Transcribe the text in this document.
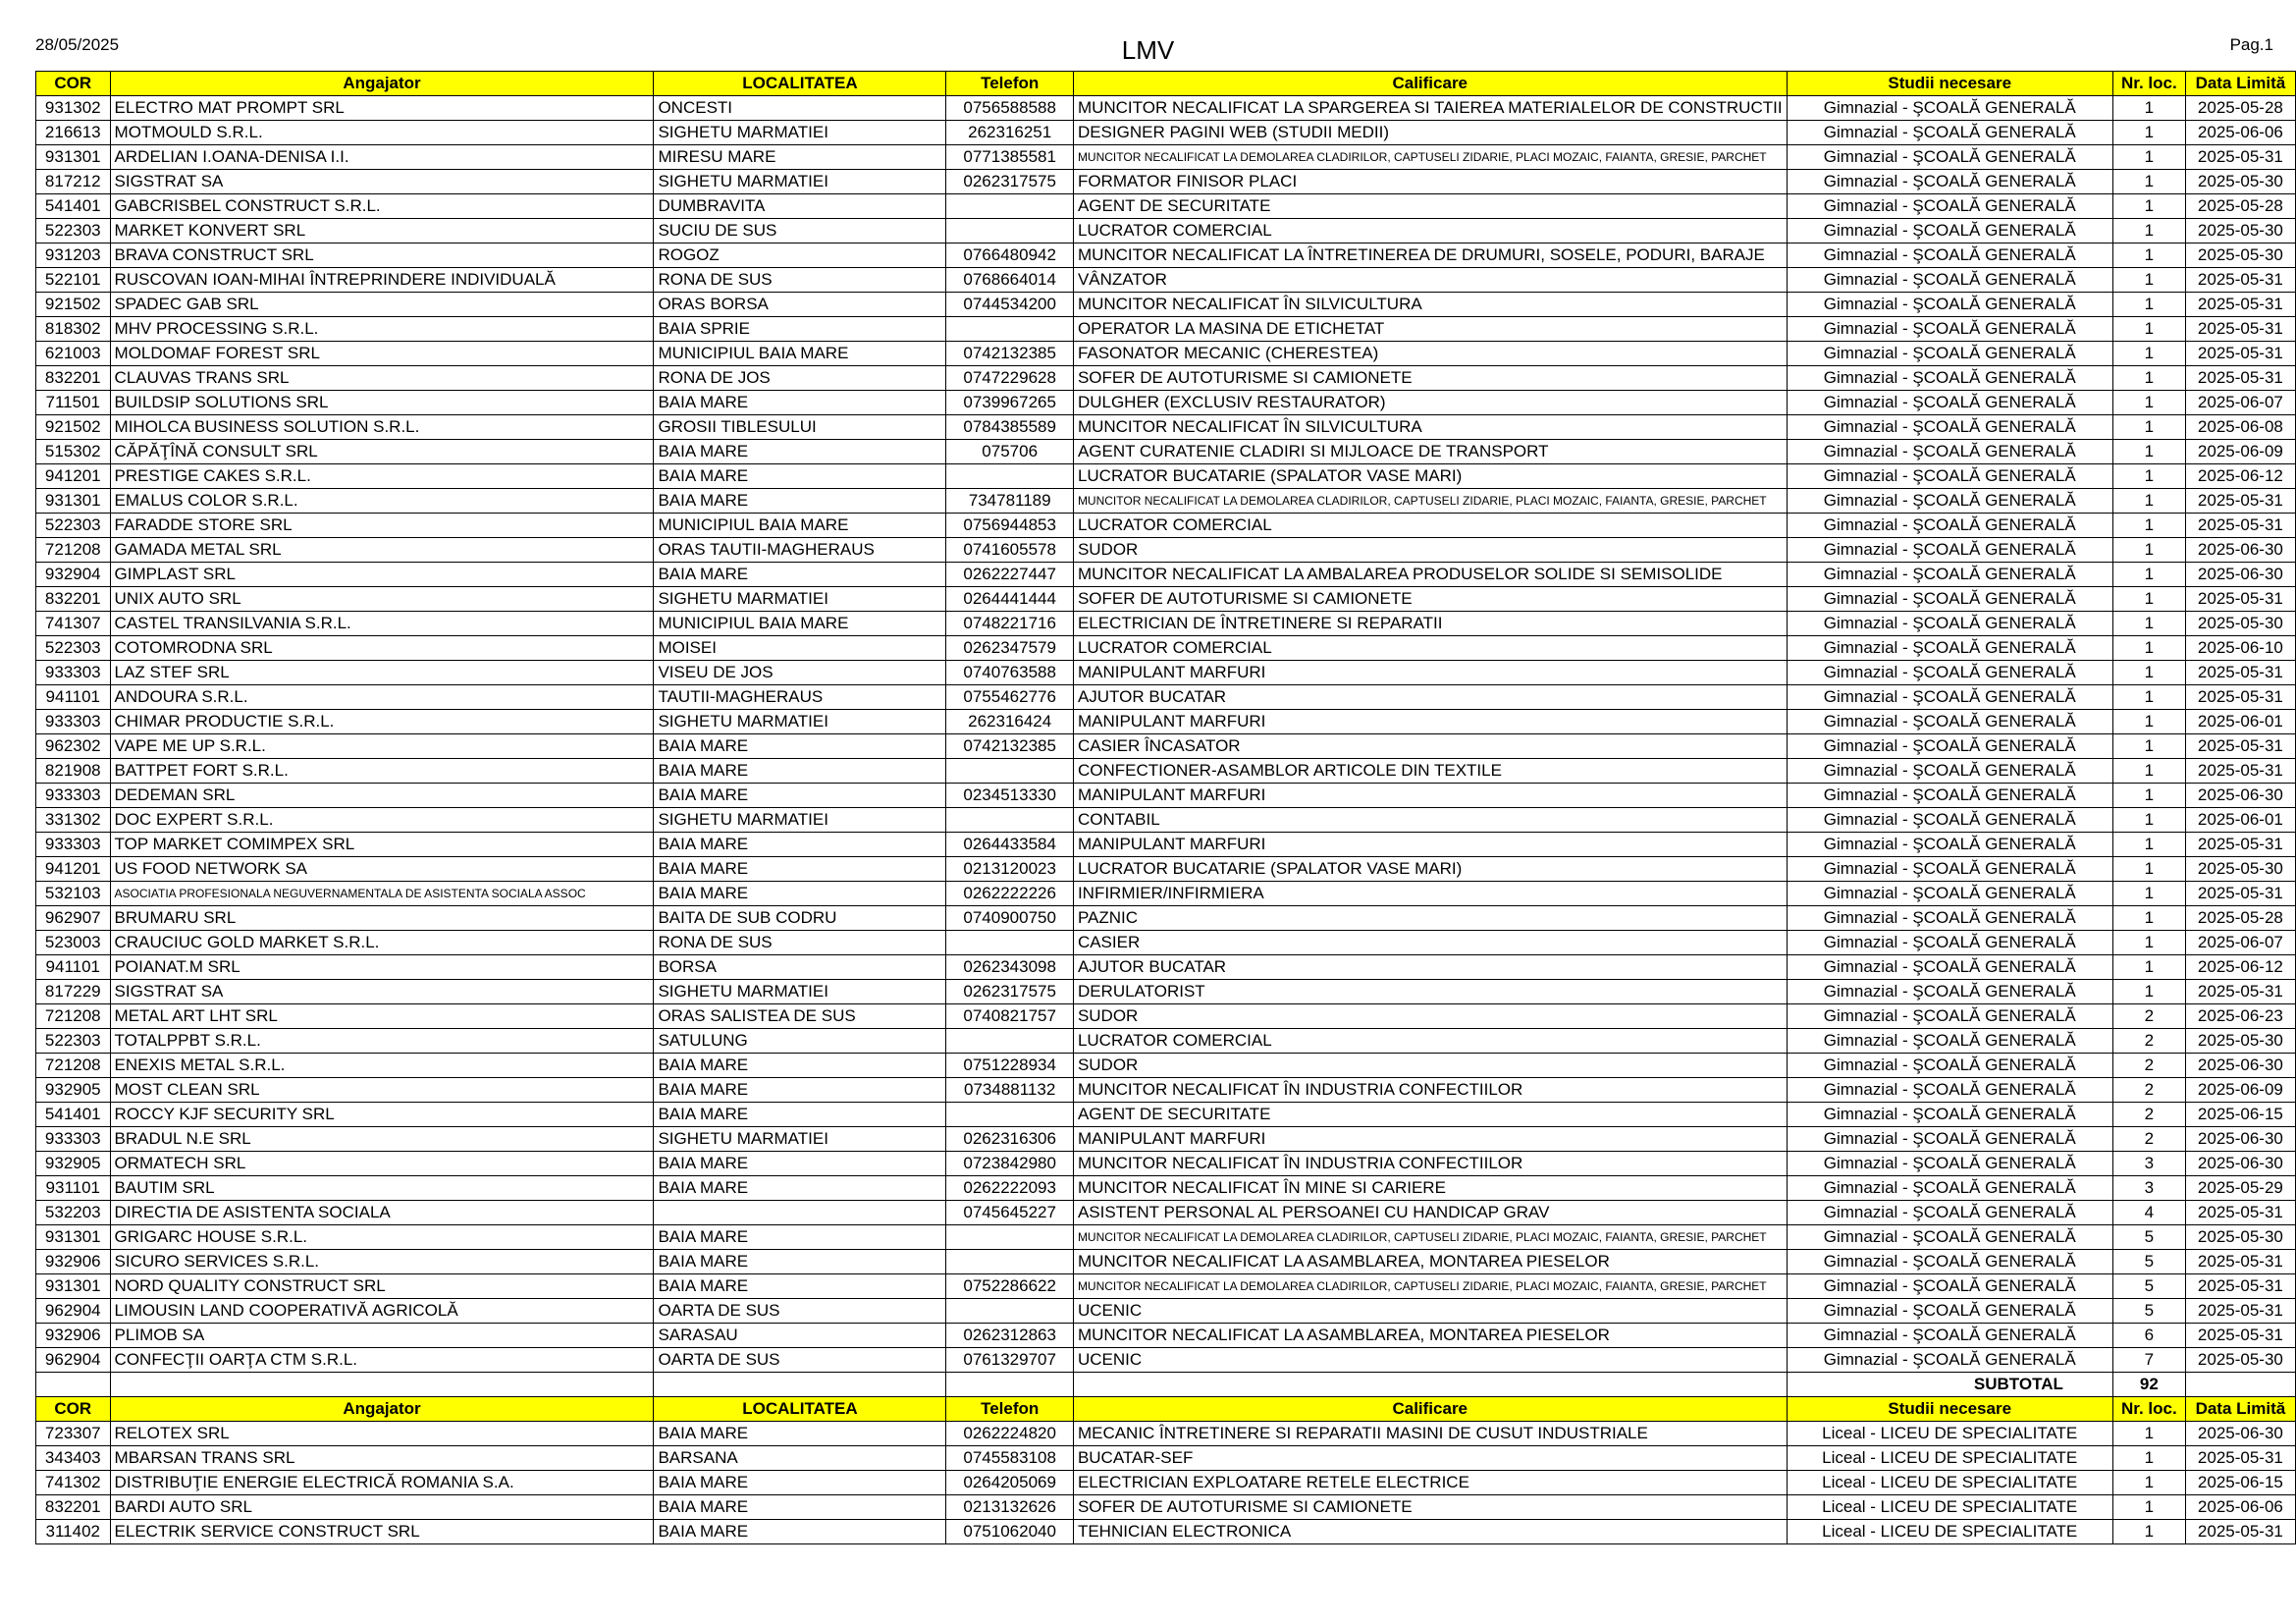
28/05/2025	LMV	Pag.1
COR	Angajator	LOCALITATEA	Telefon	Calificare	Studii necesare	Nr. loc.	Data Limită
931302	ELECTRO MAT PROMPT SRL	ONCESTI	0756588588	MUNCITOR NECALIFICAT LA SPARGEREA SI TAIEREA MATERIALELOR DE CONSTRUCTII	Gimnazial - ŞCOALĂ GENERALĂ	1	2025-05-28
216613	MOTMOULD S.R.L.	SIGHETU MARMATIEI	262316251	DESIGNER PAGINI WEB (STUDII MEDII)	Gimnazial - ŞCOALĂ GENERALĂ	1	2025-06-06
931301	ARDELIAN I.OANA-DENISA I.I.	MIRESU MARE	0771385581	MUNCITOR NECALIFICAT LA DEMOLAREA CLADIRILOR, CAPTUSELI ZIDARIE, PLACI MOZAIC, FAIANTA, GRESIE, PARCHET	Gimnazial - ŞCOALĂ GENERALĂ	1	2025-05-31
817212	SIGSTRAT SA	SIGHETU MARMATIEI	0262317575	FORMATOR FINISOR PLACI	Gimnazial - ŞCOALĂ GENERALĂ	1	2025-05-30
541401	GABCRISBEL CONSTRUCT S.R.L.	DUMBRAVITA		AGENT DE SECURITATE	Gimnazial - ŞCOALĂ GENERALĂ	1	2025-05-28
522303	MARKET KONVERT SRL	SUCIU DE SUS		LUCRATOR COMERCIAL	Gimnazial - ŞCOALĂ GENERALĂ	1	2025-05-30
931203	BRAVA CONSTRUCT SRL	ROGOZ	0766480942	MUNCITOR NECALIFICAT LA ÎNTRETINEREA DE DRUMURI, SOSELE, PODURI, BARAJE	Gimnazial - ŞCOALĂ GENERALĂ	1	2025-05-30
522101	RUSCOVAN IOAN-MIHAI ÎNTREPRINDERE INDIVIDUALĂ	RONA DE SUS	0768664014	VÂNZATOR	Gimnazial - ŞCOALĂ GENERALĂ	1	2025-05-31
921502	SPADEC GAB SRL	ORAS BORSA	0744534200	MUNCITOR NECALIFICAT ÎN SILVICULTURA	Gimnazial - ŞCOALĂ GENERALĂ	1	2025-05-31
818302	MHV PROCESSING S.R.L.	BAIA SPRIE		OPERATOR LA MASINA DE ETICHETAT	Gimnazial - ŞCOALĂ GENERALĂ	1	2025-05-31
621003	MOLDOMAF FOREST SRL	MUNICIPIUL BAIA MARE	0742132385	FASONATOR MECANIC (CHERESTEA)	Gimnazial - ŞCOALĂ GENERALĂ	1	2025-05-31
832201	CLAUVAS TRANS SRL	RONA DE JOS	0747229628	SOFER DE AUTOTURISME SI CAMIONETE	Gimnazial - ŞCOALĂ GENERALĂ	1	2025-05-31
711501	BUILDSIP SOLUTIONS SRL	BAIA MARE	0739967265	DULGHER (EXCLUSIV RESTAURATOR)	Gimnazial - ŞCOALĂ GENERALĂ	1	2025-06-07
921502	MIHOLCA BUSINESS SOLUTION S.R.L.	GROSII TIBLESULUI	0784385589	MUNCITOR NECALIFICAT ÎN SILVICULTURA	Gimnazial - ŞCOALĂ GENERALĂ	1	2025-06-08
515302	CĂPĂŢÎNĂ CONSULT SRL	BAIA MARE	075706	AGENT CURATENIE CLADIRI SI MIJLOACE DE TRANSPORT	Gimnazial - ŞCOALĂ GENERALĂ	1	2025-06-09
941201	PRESTIGE CAKES S.R.L.	BAIA MARE		LUCRATOR BUCATARIE (SPALATOR VASE MARI)	Gimnazial - ŞCOALĂ GENERALĂ	1	2025-06-12
931301	EMALUS COLOR S.R.L.	BAIA MARE	734781189	MUNCITOR NECALIFICAT LA DEMOLAREA CLADIRILOR, CAPTUSELI ZIDARIE, PLACI MOZAIC, FAIANTA, GRESIE, PARCHET	Gimnazial - ŞCOALĂ GENERALĂ	1	2025-05-31
522303	FARADDE STORE SRL	MUNICIPIUL BAIA MARE	0756944853	LUCRATOR COMERCIAL	Gimnazial - ŞCOALĂ GENERALĂ	1	2025-05-31
721208	GAMADA METAL SRL	ORAS TAUTII-MAGHERAUS	0741605578	SUDOR	Gimnazial - ŞCOALĂ GENERALĂ	1	2025-06-30
932904	GIMPLAST SRL	BAIA MARE	0262227447	MUNCITOR NECALIFICAT LA AMBALAREA PRODUSELOR SOLIDE SI SEMISOLIDE	Gimnazial - ŞCOALĂ GENERALĂ	1	2025-06-30
832201	UNIX AUTO SRL	SIGHETU MARMATIEI	0264441444	SOFER DE AUTOTURISME SI CAMIONETE	Gimnazial - ŞCOALĂ GENERALĂ	1	2025-05-31
741307	CASTEL TRANSILVANIA S.R.L.	MUNICIPIUL BAIA MARE	0748221716	ELECTRICIAN DE ÎNTRETINERE SI REPARATII	Gimnazial - ŞCOALĂ GENERALĂ	1	2025-05-30
522303	COTOMRODNA SRL	MOISEI	0262347579	LUCRATOR COMERCIAL	Gimnazial - ŞCOALĂ GENERALĂ	1	2025-06-10
933303	LAZ STEF SRL	VISEU DE JOS	0740763588	MANIPULANT MARFURI	Gimnazial - ŞCOALĂ GENERALĂ	1	2025-05-31
941101	ANDOURA S.R.L.	TAUTII-MAGHERAUS	0755462776	AJUTOR BUCATAR	Gimnazial - ŞCOALĂ GENERALĂ	1	2025-05-31
933303	CHIMAR PRODUCTIE S.R.L.	SIGHETU MARMATIEI	262316424	MANIPULANT MARFURI	Gimnazial - ŞCOALĂ GENERALĂ	1	2025-06-01
962302	VAPE ME UP S.R.L.	BAIA MARE	0742132385	CASIER ÎNCASATOR	Gimnazial - ŞCOALĂ GENERALĂ	1	2025-05-31
821908	BATTPET FORT S.R.L.	BAIA MARE		CONFECTIONER-ASAMBLOR ARTICOLE DIN TEXTILE	Gimnazial - ŞCOALĂ GENERALĂ	1	2025-05-31
933303	DEDEMAN SRL	BAIA MARE	0234513330	MANIPULANT MARFURI	Gimnazial - ŞCOALĂ GENERALĂ	1	2025-06-30
331302	DOC EXPERT S.R.L.	SIGHETU MARMATIEI		CONTABIL	Gimnazial - ŞCOALĂ GENERALĂ	1	2025-06-01
933303	TOP MARKET COMIMPEX SRL	BAIA MARE	0264433584	MANIPULANT MARFURI	Gimnazial - ŞCOALĂ GENERALĂ	1	2025-05-31
941201	US FOOD NETWORK SA	BAIA MARE	0213120023	LUCRATOR BUCATARIE (SPALATOR VASE MARI)	Gimnazial - ŞCOALĂ GENERALĂ	1	2025-05-30
532103	ASOCIATIA PROFESIONALA NEGUVERNAMENTALA DE ASISTENTA SOCIALA ASSOC	BAIA MARE	0262222226	INFIRMIER/INFIRMIERA	Gimnazial - ŞCOALĂ GENERALĂ	1	2025-05-31
962907	BRUMARU SRL	BAITA DE SUB CODRU	0740900750	PAZNIC	Gimnazial - ŞCOALĂ GENERALĂ	1	2025-05-28
523003	CRAUCIUC GOLD MARKET S.R.L.	RONA DE SUS		CASIER	Gimnazial - ŞCOALĂ GENERALĂ	1	2025-06-07
941101	POIANAT.M SRL	BORSA	0262343098	AJUTOR BUCATAR	Gimnazial - ŞCOALĂ GENERALĂ	1	2025-06-12
817229	SIGSTRAT SA	SIGHETU MARMATIEI	0262317575	DERULATORIST	Gimnazial - ŞCOALĂ GENERALĂ	1	2025-05-31
721208	METAL ART LHT SRL	ORAS SALISTEA DE SUS	0740821757	SUDOR	Gimnazial - ŞCOALĂ GENERALĂ	2	2025-06-23
522303	TOTALPPBT S.R.L.	SATULUNG		LUCRATOR COMERCIAL	Gimnazial - ŞCOALĂ GENERALĂ	2	2025-05-30
721208	ENEXIS METAL S.R.L.	BAIA MARE	0751228934	SUDOR	Gimnazial - ŞCOALĂ GENERALĂ	2	2025-06-30
932905	MOST CLEAN SRL	BAIA MARE	0734881132	MUNCITOR NECALIFICAT ÎN INDUSTRIA CONFECTIILOR	Gimnazial - ŞCOALĂ GENERALĂ	2	2025-06-09
541401	ROCCY KJF SECURITY SRL	BAIA MARE		AGENT DE SECURITATE	Gimnazial - ŞCOALĂ GENERALĂ	2	2025-06-15
933303	BRADUL N.E SRL	SIGHETU MARMATIEI	0262316306	MANIPULANT MARFURI	Gimnazial - ŞCOALĂ GENERALĂ	2	2025-06-30
932905	ORMATECH SRL	BAIA MARE	0723842980	MUNCITOR NECALIFICAT ÎN INDUSTRIA CONFECTIILOR	Gimnazial - ŞCOALĂ GENERALĂ	3	2025-06-30
931101	BAUTIM SRL	BAIA MARE	0262222093	MUNCITOR NECALIFICAT ÎN MINE SI CARIERE	Gimnazial - ŞCOALĂ GENERALĂ	3	2025-05-29
532203	DIRECTIA DE ASISTENTA SOCIALA		0745645227	ASISTENT PERSONAL AL PERSOANEI CU HANDICAP GRAV	Gimnazial - ŞCOALĂ GENERALĂ	4	2025-05-31
931301	GRIGARC HOUSE S.R.L.	BAIA MARE		MUNCITOR NECALIFICAT LA DEMOLAREA CLADIRILOR, CAPTUSELI ZIDARIE, PLACI MOZAIC, FAIANTA, GRESIE, PARCHET	Gimnazial - ŞCOALĂ GENERALĂ	5	2025-05-30
932906	SICURO SERVICES S.R.L.	BAIA MARE		MUNCITOR NECALIFICAT LA ASAMBLAREA, MONTAREA PIESELOR	Gimnazial - ŞCOALĂ GENERALĂ	5	2025-05-31
931301	NORD QUALITY CONSTRUCT SRL	BAIA MARE	0752286622	MUNCITOR NECALIFICAT LA DEMOLAREA CLADIRILOR, CAPTUSELI ZIDARIE, PLACI MOZAIC, FAIANTA, GRESIE, PARCHET	Gimnazial - ŞCOALĂ GENERALĂ	5	2025-05-31
962904	LIMOUSIN LAND COOPERATIVĂ AGRICOLĂ	OARTA DE SUS		UCENIC	Gimnazial - ŞCOALĂ GENERALĂ	5	2025-05-31
932906	PLIMOB SA	SARASAU	0262312863	MUNCITOR NECALIFICAT LA ASAMBLAREA, MONTAREA PIESELOR	Gimnazial - ŞCOALĂ GENERALĂ	6	2025-05-31
962904	CONFECŢII OARŢA CTM S.R.L.	OARTA DE SUS	0761329707	UCENIC	Gimnazial - ŞCOALĂ GENERALĂ	7	2025-05-30
					SUBTOTAL	92	
COR	Angajator	LOCALITATEA	Telefon	Calificare	Studii necesare	Nr. loc.	Data Limită
723307	RELOTEX SRL	BAIA MARE	0262224820	MECANIC ÎNTRETINERE SI REPARATII MASINI DE CUSUT INDUSTRIALE	Liceal - LICEU DE SPECIALITATE	1	2025-06-30
343403	MBARSAN TRANS SRL	BARSANA	0745583108	BUCATAR-SEF	Liceal - LICEU DE SPECIALITATE	1	2025-05-31
741302	DISTRIBUŢIE ENERGIE ELECTRICĂ ROMANIA S.A.	BAIA MARE	0264205069	ELECTRICIAN EXPLOATARE RETELE ELECTRICE	Liceal - LICEU DE SPECIALITATE	1	2025-06-15
832201	BARDI AUTO SRL	BAIA MARE	0213132626	SOFER DE AUTOTURISME SI CAMIONETE	Liceal - LICEU DE SPECIALITATE	1	2025-06-06
311402	ELECTRIK SERVICE CONSTRUCT SRL	BAIA MARE	0751062040	TEHNICIAN ELECTRONICA	Liceal - LICEU DE SPECIALITATE	1	2025-05-31
